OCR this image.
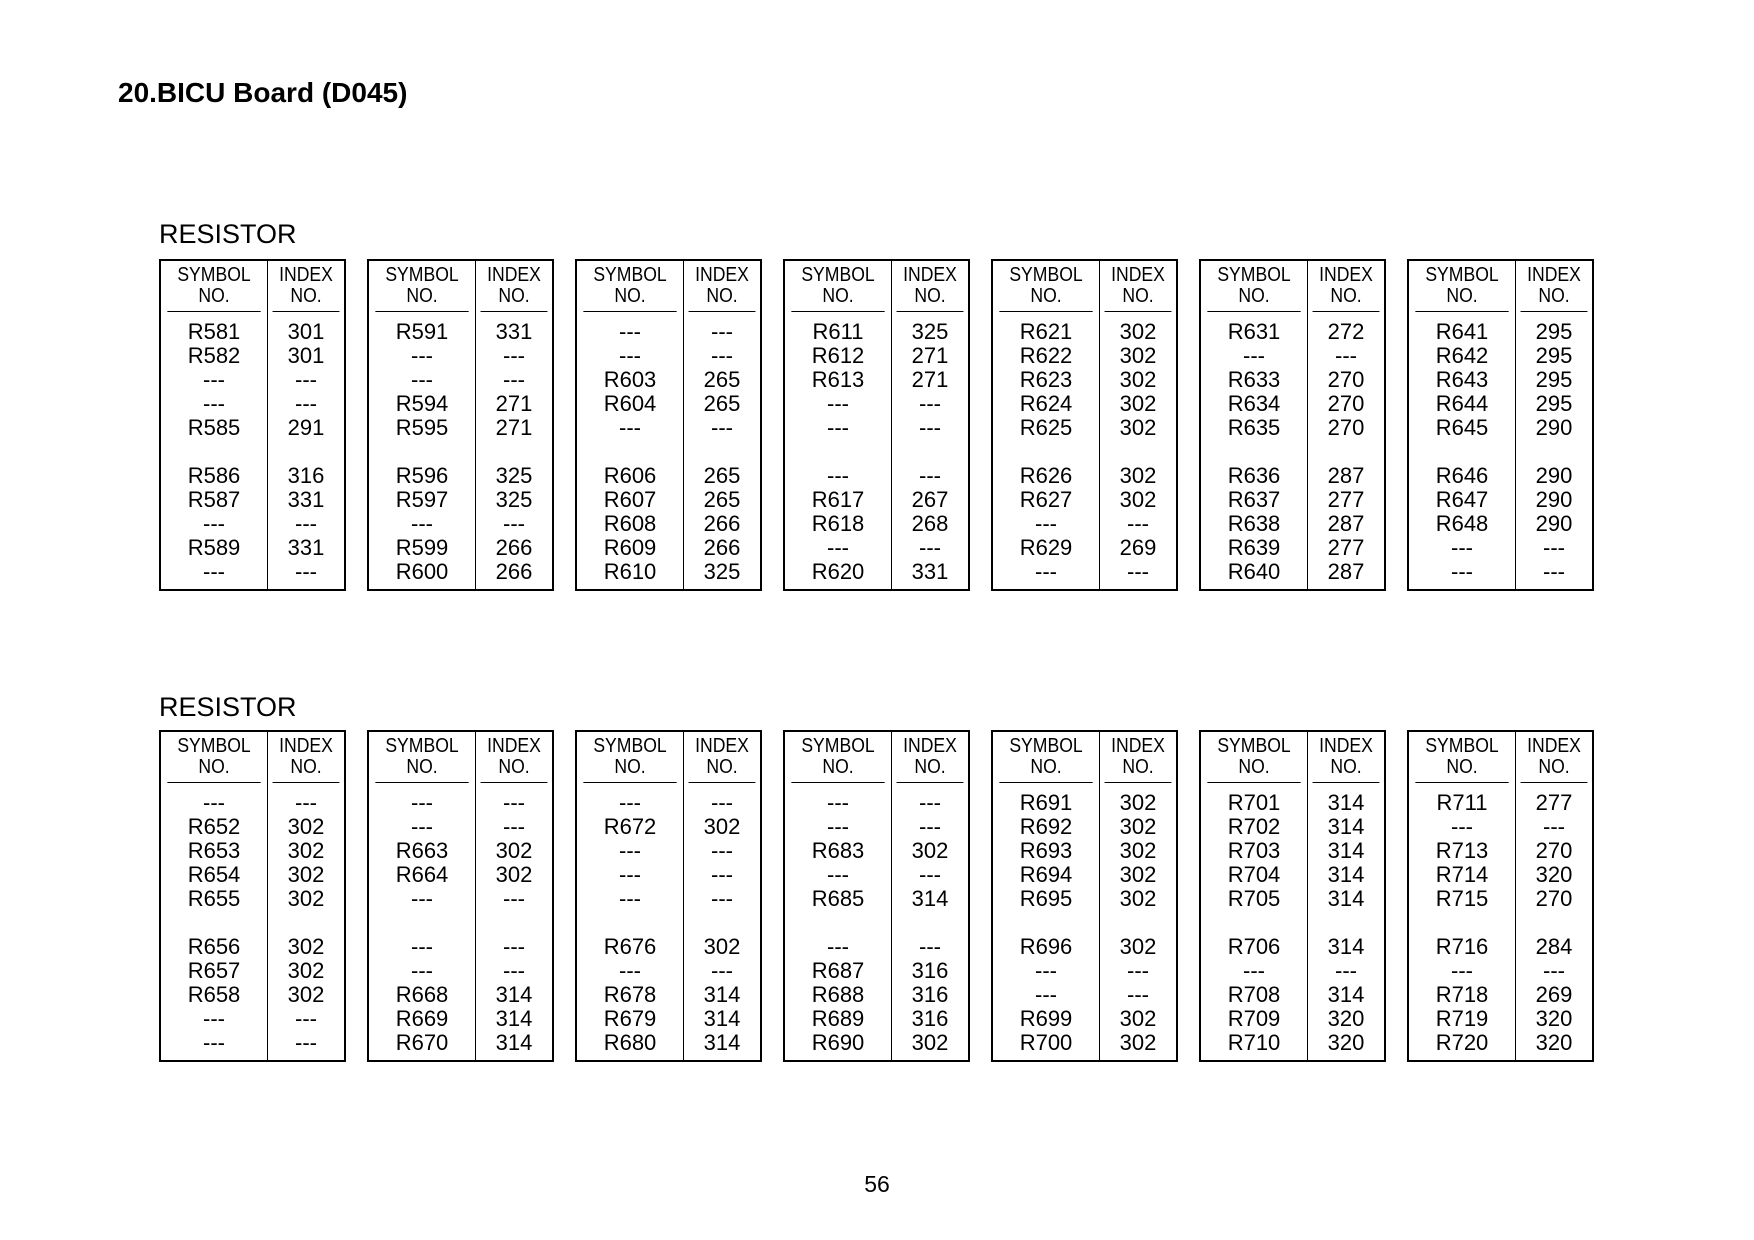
20.BICU Board (D045)
RESISTOR
SYMBOL
NO.
R581
R582
---
---
R585
R586
R587
---
R589
---
INDEX
NO.
301
301
---
---
291
316
331
---
331
---
SYMBOL
NO.
R591
---
---
R594
R595
R596
R597
---
R599
R600
INDEX
NO.
331
---
---
271
271
325
325
---
266
266
SYMBOL
NO.
---
---
R603
R604
---
R606
R607
R608
R609
R610
INDEX
NO.
---
---
265
265
---
265
265
266
266
325
SYMBOL
NO.
R611
R612
R613
---
---
---
R617
R618
---
R620
INDEX
NO.
325
271
271
---
---
---
267
268
---
331
SYMBOL
NO.
R621
R622
R623
R624
R625
R626
R627
---
R629
---
INDEX
NO.
302
302
302
302
302
302
302
---
269
---
SYMBOL
NO.
R631
---
R633
R634
R635
R636
R637
R638
R639
R640
INDEX
NO.
272
---
270
270
270
287
277
287
277
287
SYMBOL
NO.
R641
R642
R643
R644
R645
R646
R647
R648
---
---
INDEX
NO.
295
295
295
295
290
290
290
290
---
---
RESISTOR
SYMBOL
NO.
---
R652
R653
R654
R655
R656
R657
R658
---
---
INDEX
NO.
---
302
302
302
302
302
302
302
---
---
SYMBOL
NO.
---
---
R663
R664
---
---
---
R668
R669
R670
INDEX
NO.
---
---
302
302
---
---
---
314
314
314
SYMBOL
NO.
---
R672
---
---
---
R676
---
R678
R679
R680
INDEX
NO.
---
302
---
---
---
302
---
314
314
314
SYMBOL
NO.
---
---
R683
---
R685
---
R687
R688
R689
R690
INDEX
NO.
---
---
302
---
314
---
316
316
316
302
SYMBOL
NO.
R691
R692
R693
R694
R695
R696
---
---
R699
R700
INDEX
NO.
302
302
302
302
302
302
---
---
302
302
SYMBOL
NO.
R701
R702
R703
R704
R705
R706
---
R708
R709
R710
INDEX
NO.
314
314
314
314
314
314
---
314
320
320
SYMBOL
NO.
R711
---
R713
R714
R715
R716
---
R718
R719
R720
INDEX
NO.
277
---
270
320
270
284
---
269
320
320
56
